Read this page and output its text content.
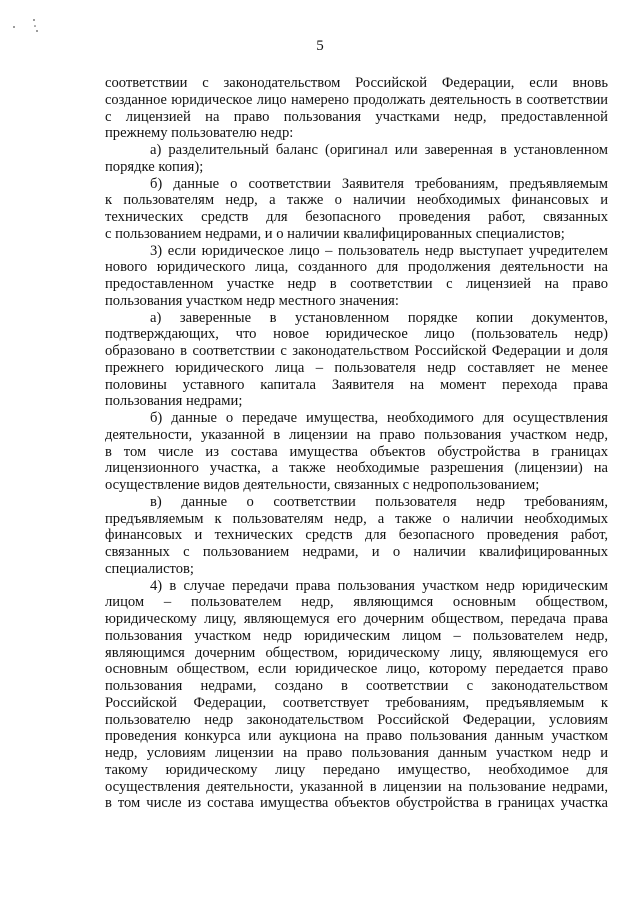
5
соответствии с законодательством Российской Федерации, если вновь
созданное юридическое лицо намерено продолжать деятельность в соответствии
с лицензией на право пользования участками недр, предоставленной
прежнему пользователю недр:
а) разделительный баланс (оригинал или заверенная в установленном
порядке копия);
б) данные о соответствии Заявителя требованиям, предъявляемым
к пользователям недр, а также о наличии необходимых финансовых и
технических средств для безопасного проведения работ, связанных
с пользованием недрами, и о наличии квалифицированных специалистов;
3) если юридическое лицо – пользователь недр выступает учредителем
нового юридического лица, созданного для продолжения деятельности на
предоставленном участке недр в соответствии с лицензией на право
пользования участком недр местного значения:
а) заверенные в установленном порядке копии документов,
подтверждающих, что новое юридическое лицо (пользователь недр)
образовано в соответствии с законодательством Российской Федерации и доля
прежнего юридического лица – пользователя недр составляет не менее
половины уставного капитала Заявителя на момент перехода права
пользования недрами;
б) данные о передаче имущества, необходимого для осуществления
деятельности, указанной в лицензии на право пользования участком недр,
в том числе из состава имущества объектов обустройства в границах
лицензионного участка, а также необходимые разрешения (лицензии) на
осуществление видов деятельности, связанных с недропользованием;
в) данные о соответствии пользователя недр требованиям,
предъявляемым к пользователям недр, а также о наличии необходимых
финансовых и технических средств для безопасного проведения работ,
связанных с пользованием недрами, и о наличии квалифицированных
специалистов;
4) в случае передачи права пользования участком недр юридическим
лицом – пользователем недр, являющимся основным обществом,
юридическому лицу, являющемуся его дочерним обществом, передача права
пользования участком недр юридическим лицом – пользователем недр,
являющимся дочерним обществом, юридическому лицу, являющемуся его
основным обществом, если юридическое лицо, которому передается право
пользования недрами, создано в соответствии с законодательством
Российской Федерации, соответствует требованиям, предъявляемым к
пользователю недр законодательством Российской Федерации, условиям
проведения конкурса или аукциона на право пользования данным участком
недр, условиям лицензии на право пользования данным участком недр и
такому юридическому лицу передано имущество, необходимое для
осуществления деятельности, указанной в лицензии на пользование недрами,
в том числе из состава имущества объектов обустройства в границах участка
